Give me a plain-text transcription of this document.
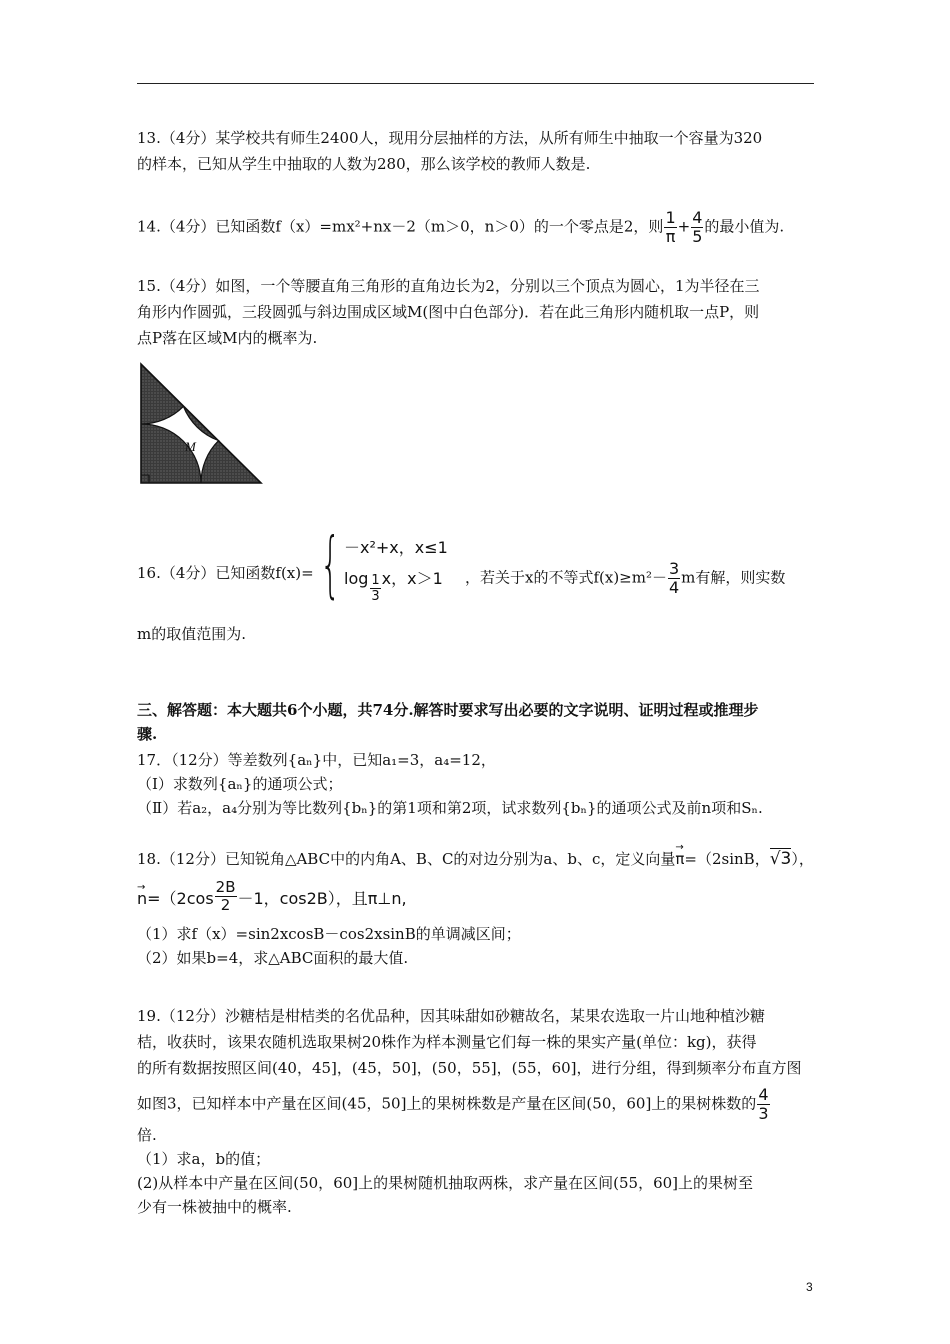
13.（4分）某学校共有师生2400人，现用分层抽样的方法，从所有师生中抽取一个容量为320
的样本，已知从学生中抽取的人数为280，那么该学校的教师人数是.
14.（4分）已知函数f（x）=mx²+nx－2（m＞0，n＞0）的一个零点是2，则 $\frac{1}{\pi} + \frac{4}{5}$ 的最小值为.
15.（4分）如图，一个等腰直角三角形的直角边长为2，分别以三个顶点为圆心，1为半径在三
角形内作圆弧，三段圆弧与斜边围成区域M(图中白色部分)．若在此三角形内随机取一点P，则
点P落在区域M内的概率为.
M
16.（4分）已知函数f(x)= { －x²+x，x≤1
$\log \frac{1}{3}$ x，x＞1 ，若关于x的不等式$f(x)\ge m^2- \frac{3}{4}$ m有解，则实数
m的取值范围为.
三、解答题：本大题共6个小题，共74分.解答时要求写出必要的文字说明、证明过程或推理步
骤.
17．（12分）等差数列{aₙ}中，已知a₁=3，a₄=12，
（I）求数列{aₙ}的通项公式；
（Ⅱ）若a₂，a₄分别为等比数列{bₙ}的第1项和第2项，试求数列{bₙ}的通项公式及前n项和Sₙ.
18.（12分）已知锐角△ABC中的内角A、B、C的对边分别为a、b、c，定义向量→ π=（2sinB，√3），
→ $n=(2\cos \frac{2B}{2} -1$，cos2B），且π⊥n,
（1）求f（x）=sin2xcosB－cos2xsinB的单调减区间；
（2）如果b=4，求△ABC面积的最大值.
19.（12分）沙糖桔是柑桔类的名优品种，因其味甜如砂糖故名，某果农选取一片山地种植沙糖
桔，收获时，该果农随机选取果树20株作为样本测量它们每一株的果实产量(单位：kg)，获得
的所有数据按照区间(40，45]，(45，50]，(50，55]，(55，60]，进行分组，得到频率分布直方图
如图3，已知样本中产量在区间(45，50]上的果树株数是产量在区间(50，60]上的果树株数的 $\frac{4}{3}$
倍.
（1）求a，b的值；
(2)从样本中产量在区间(50，60]上的果树随机抽取两株，求产量在区间(55，60]上的果树至
少有一株被抽中的概率.
3
